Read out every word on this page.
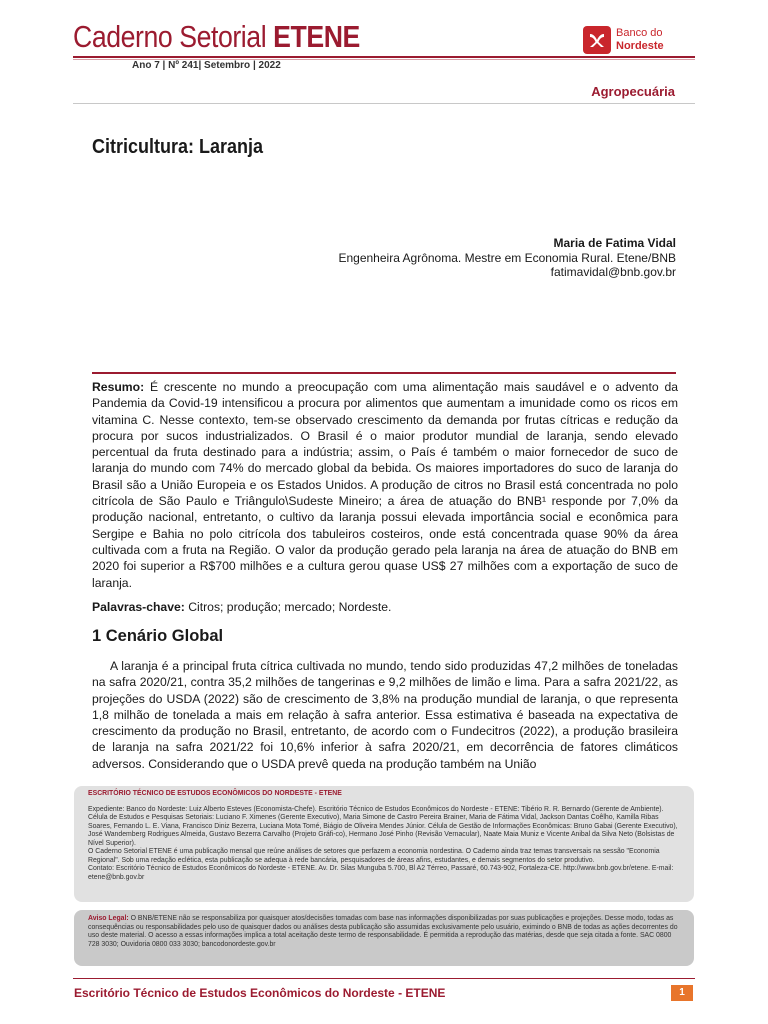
Caderno Setorial ETENE	Banco do
Nordeste
Ano 7 | Nº 241| Setembro | 2022
Agropecuária
Citricultura: Laranja
Maria de Fatima Vidal
Engenheira Agrônoma. Mestre em Economia Rural. Etene/BNB
fatimavidal@bnb.gov.br
Resumo: É crescente no mundo a preocupação com uma alimentação mais saudável e o advento da Pandemia da Covid-19 intensificou a procura por alimentos que aumentam a imunidade como os ricos em vitamina C. Nesse contexto, tem-se observado crescimento da demanda por frutas cítricas e redução da procura por sucos industrializados. O Brasil é o maior produtor mundial de laranja, sendo elevado percentual da fruta destinado para a indústria; assim, o País é também o maior fornecedor de suco de laranja do mundo com 74% do mercado global da bebida. Os maiores importadores do suco de laranja do Brasil são a União Europeia e os Estados Unidos. A produção de citros no Brasil está concentrada no polo citrícola de São Paulo e Triângulo\Sudeste Mineiro; a área de atuação do BNB¹ responde por 7,0% da produção nacional, entretanto, o cultivo da laranja possui elevada importância social e econômica para Sergipe e Bahia no polo citrícola dos tabuleiros costeiros, onde está concentrada quase 90% da área cultivada com a fruta na Região. O valor da produção gerado pela laranja na área de atuação do BNB em 2020 foi superior a R$700 milhões e a cultura gerou quase US$ 27 milhões com a exportação de suco de laranja.
Palavras-chave: Citros; produção; mercado; Nordeste.
1 Cenário Global
A laranja é a principal fruta cítrica cultivada no mundo, tendo sido produzidas 47,2 milhões de toneladas na safra 2020/21, contra 35,2 milhões de tangerinas e 9,2 milhões de limão e lima. Para a safra 2021/22, as projeções do USDA (2022) são de crescimento de 3,8% na produção mundial de laranja, o que representa 1,8 milhão de tonelada a mais em relação à safra anterior. Essa estimativa é baseada na expectativa de crescimento da produção no Brasil, entretanto, de acordo com o Fundecitros (2022), a produção brasileira de laranja na safra 2021/22 foi 10,6% inferior à safra 2020/21, em decorrência de fatores climáticos adversos. Considerando que o USDA prevê queda na produção também na União
ESCRITÓRIO TÉCNICO DE ESTUDOS ECONÔMICOS DO NORDESTE - ETENE

Expediente: Banco do Nordeste: Luiz Alberto Esteves (Economista-Chefe). Escritório Técnico de Estudos Econômicos do Nordeste - ETENE: Tibério R. R. Bernardo (Gerente de Ambiente). Célula de Estudos e Pesquisas Setoriais: Luciano F. Ximenes (Gerente Executivo), Maria Simone de Castro Pereira Brainer, Maria de Fátima Vidal, Jackson Dantas Coêlho, Kamilla Ribas Soares, Fernando L. E. Viana, Francisco Diniz Bezerra, Luciana Mota Tomé, Biágio de Oliveira Mendes Júnior. Célula de Gestão de Informações Econômicas: Bruno Gabai (Gerente Executivo), José Wandemberg Rodrigues Almeida, Gustavo Bezerra Carvalho (Projeto Gráfi-co), Hermano José Pinho (Revisão Vernacular), Naate Maia Muniz e Vicente Anibal da Silva Neto (Bolsistas de Nível Superior).

O Caderno Setorial ETENE é uma publicação mensal que reúne análises de setores que perfazem a economia nordestina. O Caderno ainda traz temas transversais na sessão "Economia Regional". Sob uma redação eclética, esta publicação se adequa à rede bancária, pesquisadores de áreas afins, estudantes, e demais segmentos do setor produtivo.

Contato: Escritório Técnico de Estudos Econômicos do Nordeste - ETENE. Av. Dr. Silas Munguba 5.700, Bl A2 Térreo, Passaré, 60.743-902, Fortaleza-CE. http://www.bnb.gov.br/etene. E-mail: etene@bnb.gov.br

Aviso Legal: O BNB/ETENE não se responsabiliza por quaisquer atos/decisões tomadas com base nas informações disponibilizadas por suas publicações e projeções. Desse modo, todas as consequências ou responsabilidades pelo uso de quaisquer dados ou análises desta publicação são assumidas exclusivamente pelo usuário, eximindo o BNB de todas as ações decorrentes do uso deste material. O acesso a essas informações implica a total aceitação deste termo de responsabilidade. É permitida a reprodução das matérias, desde que seja citada a fonte. SAC 0800 728 3030; Ouvidoria 0800 033 3030; bancodonordeste.gov.br
Escritório Técnico de Estudos Econômicos do Nordeste - ETENE	1
